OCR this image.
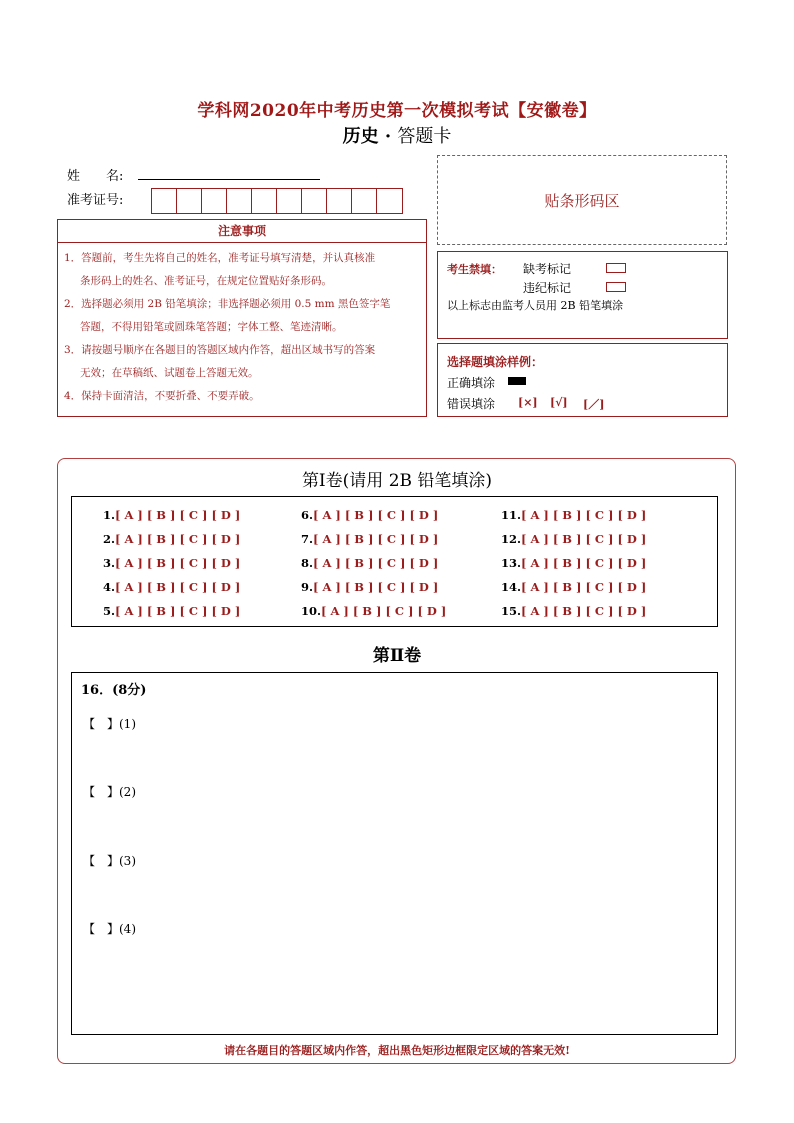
学科网2020年中考历史第一次模拟考试【安徽卷】
历史 · 答题卡
姓　　名:
准考证号:	贴条形码区
注意事项

1．答题前，考生先将自己的姓名，准考证号填写清楚，并认真核准

条形码上的姓名、准考证号，在规定位置贴好条形码。

2．选择题必须用 2B 铅笔填涂；非选择题必须用 0.5 mm 黑色签字笔

答题，不得用铅笔或圆珠笔答题；字体工整、笔迹清晰。

3．请按题号顺序在各题目的答题区域内作答，超出区域书写的答案

无效；在草稿纸、试题卷上答题无效。

4．保持卡面清洁，不要折叠、不要弄破。

考生禁填： 缺考标记
违纪标记
以上标志由监考人员用 2B 铅笔填涂
选择题填涂样例：
正确填涂
错误填涂 [×] [√] [／]
第Ⅰ卷(请用 2B 铅笔填涂)
1.[ A ] [ B ] [ C ] [ D ]
2.[ A ] [ B ] [ C ] [ D ]
3.[ A ] [ B ] [ C ] [ D ]
4.[ A ] [ B ] [ C ] [ D ]
5.[ A ] [ B ] [ C ] [ D ]
6.[ A ] [ B ] [ C ] [ D ]
7.[ A ] [ B ] [ C ] [ D ]
8.[ A ] [ B ] [ C ] [ D ]
9.[ A ] [ B ] [ C ] [ D ]
10.[ A ] [ B ] [ C ] [ D ]
11.[ A ] [ B ] [ C ] [ D ]
12.[ A ] [ B ] [ C ] [ D ]
13.[ A ] [ B ] [ C ] [ D ]
14.[ A ] [ B ] [ C ] [ D ]
15.[ A ] [ B ] [ C ] [ D ]
第Ⅱ卷
16．(8分)
【　】(1)
【　】(2)
【　】(3)
【　】(4)
请在各题目的答题区域内作答，超出黑色矩形边框限定区域的答案无效!
